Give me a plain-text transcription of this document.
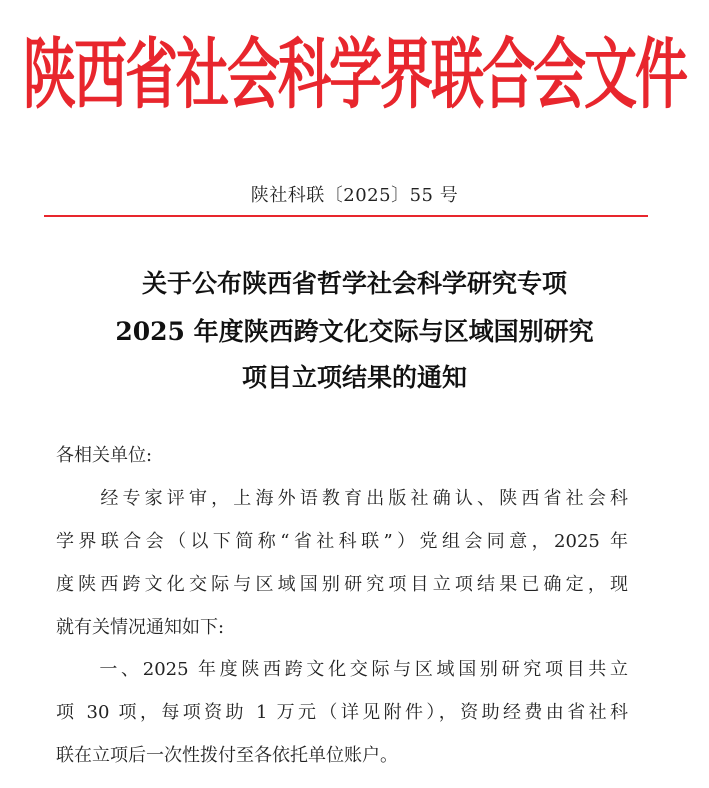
陕西省社会科学界联合会文件
陕社科联〔2025〕55 号
关于公布陕西省哲学社会科学研究专项
2025 年度陕西跨文化交际与区域国别研究
项目立项结果的通知
各相关单位:
　　经专家评审，上海外语教育出版社确认、陕西省社会科
学界联合会（以下简称“省社科联”）党组会同意，2025 年
度陕西跨文化交际与区域国别研究项目立项结果已确定，现
就有关情况通知如下:
　　一、2025 年度陕西跨文化交际与区域国别研究项目共立
项 30 项，每项资助 1 万元（详见附件），资助经费由省社科
联在立项后一次性拨付至各依托单位账户。
